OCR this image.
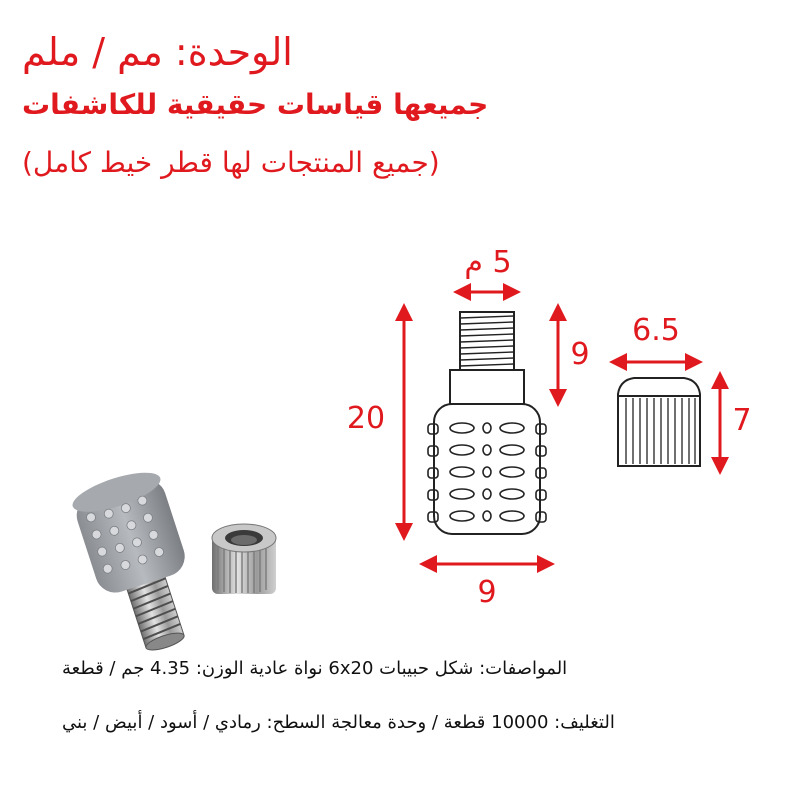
الوحدة: مم / ملم
جميعها قياسات حقيقية للكاشفات
(جميع المنتجات لها قطر خيط كامل)
5 م
9
20
9
6.5
7
المواصفات: شكل حبيبات 6x20 نواة عادية الوزن: 4.35 جم / قطعة
التغليف: 10000 قطعة / وحدة معالجة السطح: رمادي / أسود / أبيض / بني
